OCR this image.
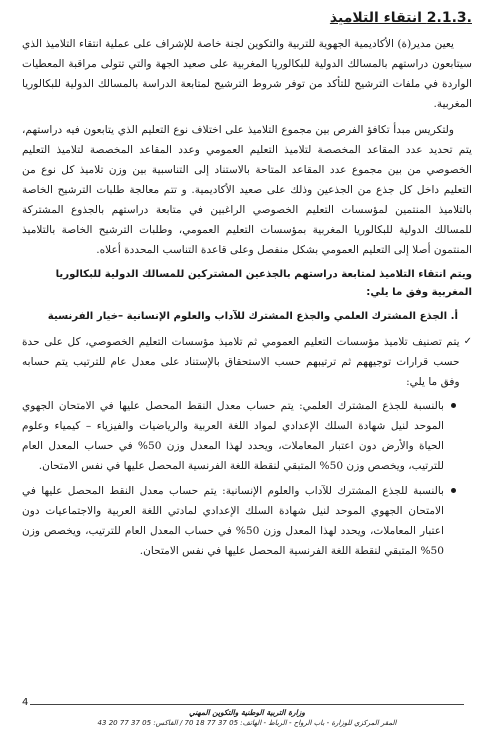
.2.1.3 انتقاء التلاميذ

يعين مدير(ة) الأكاديمية الجهوية للتربية والتكوين لجنة خاصة للإشراف على عملية انتقاء التلاميذ الذي سيتابعون دراستهم بالمسالك الدولية للبكالوريا المغربية على صعيد الجهة والتي تتولى مراقبة المعطيات الواردة في ملفات الترشيح للتأكد من توفر شروط الترشيح لمتابعة الدراسة بالمسالك الدولية للبكالوريا المغربية.

ولتكريس مبدأ تكافؤ الفرص بين مجموع التلاميذ على اختلاف نوع التعليم الذي يتابعون فيه دراستهم، يتم تحديد عدد المقاعد المخصصة لتلاميذ التعليم العمومي وعدد المقاعد المخصصة لتلاميذ التعليم الخصوصي من بين مجموع عدد المقاعد المتاحة بالاستناد إلى التناسبية بين وزن تلاميذ كل نوع من التعليم داخل كل جذع من الجذعين وذلك على صعيد الأكاديمية. و تتم معالجة طلبات الترشيح الخاصة بالتلاميذ المنتمين لمؤسسات التعليم الخصوصي الراغبين في متابعة دراستهم بالجذوع المشتركة للمسالك الدولية للبكالوريا المغربية بمؤسسات التعليم العمومي، وطلبات الترشيح الخاصة بالتلاميذ المنتمون أصلا إلى التعليم العمومي بشكل منفصل وعلى قاعدة التناسب المحددة أعلاه.

ويتم انتقاء التلاميذ لمتابعة دراستهم بالجذعين المشتركين للمسالك الدولية للبكالوريا المغربية وفق ما يلي:
أ. الجذع المشترك العلمي والجذع المشترك للآداب والعلوم الإنسانية –خيار الفرنسية
✓
يتم تصنيف تلاميذ مؤسسات التعليم العمومي ثم تلاميذ مؤسسات التعليم الخصوصي، كل على حدة حسب قرارات توجيههم ثم ترتيبهم حسب الاستحقاق بالإستناد على معدل عام للترتيب يتم حسابه وفق ما يلي:
بالنسبة للجذع المشترك العلمي: يتم حساب معدل النقط المحصل عليها في الامتحان الجهوي الموحد لنيل شهادة السلك الإعدادي لمواد اللغة العربية والرياضيات والفيزياء – كيمياء وعلوم الحياة والأرض دون اعتبار المعاملات، ويحدد لهذا المعدل وزن 50% في حساب المعدل العام للترتيب، ويخصص وزن 50% المتبقي لنقطة اللغة الفرنسية المحصل عليها في نفس الامتحان.
بالنسبة للجذع المشترك للآداب والعلوم الإنسانية: يتم حساب معدل النقط المحصل عليها في الامتحان الجهوي الموحد لنيل شهادة السلك الإعدادي لمادتي اللغة العربية والاجتماعيات دون اعتبار المعاملات، ويحدد لهذا المعدل وزن 50% في حساب المعدل العام للترتيب، ويخصص وزن 50% المتبقي لنقطة اللغة الفرنسية المحصل عليها في نفس الامتحان.
4
وزارة التربية الوطنية والتكوين المهني
المقر المركزي للوزارة - باب الرواح - الرباط - الهاتف: 05 37 77 18 70 / الفاكس: 05 37 77 20 43
